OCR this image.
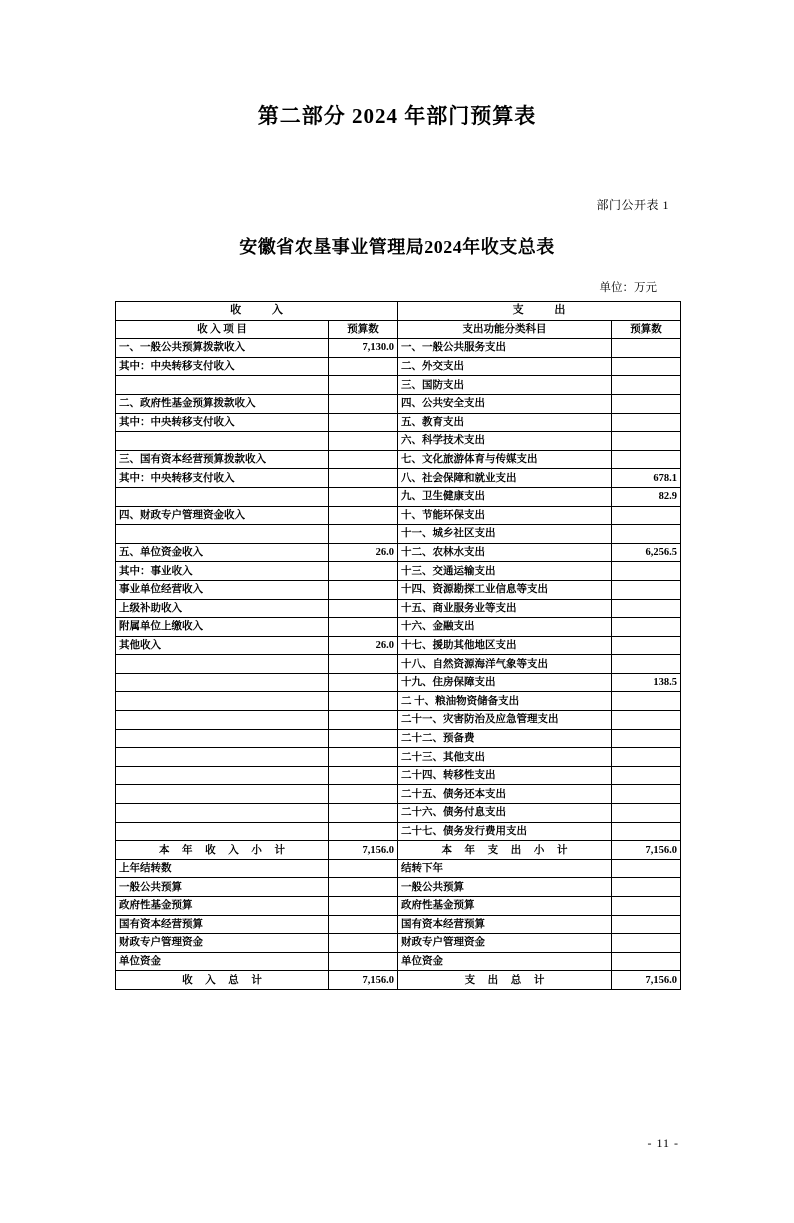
第二部分 2024 年部门预算表
部门公开表 1
安徽省农垦事业管理局2024年收支总表
单位：万元
收 入		支 出	
收 入 项 目	预算数	支出功能分类科目	预算数
一、一般公共预算拨款收入	7,130.0	一、一般公共服务支出	
其中：中央转移支付收入		二、外交支出	
		三、国防支出	
二、政府性基金预算拨款收入		四、公共安全支出	
其中：中央转移支付收入		五、教育支出	
		六、科学技术支出	
三、国有资本经营预算拨款收入		七、文化旅游体育与传媒支出	
其中：中央转移支付收入		八、社会保障和就业支出	678.1
		九、卫生健康支出	82.9
四、财政专户管理资金收入		十、节能环保支出	
		十一、城乡社区支出	
五、单位资金收入	26.0	十二、农林水支出	6,256.5
其中：事业收入		十三、交通运输支出	
事业单位经营收入		十四、资源勘探工业信息等支出	
上级补助收入		十五、商业服务业等支出	
附属单位上缴收入		十六、金融支出	
其他收入	26.0	十七、援助其他地区支出	
		十八、自然资源海洋气象等支出	
		十九、住房保障支出	138.5
		二 十、粮油物资储备支出	
		二十一、灾害防治及应急管理支出	
		二十二、预备费	
		二十三、其他支出	
		二十四、转移性支出	
		二十五、债务还本支出	
		二十六、债务付息支出	
		二十七、债务发行费用支出	
本 年 收 入 小 计	7,156.0	本 年 支 出 小 计	7,156.0
上年结转数		结转下年	
一般公共预算		一般公共预算	
政府性基金预算		政府性基金预算	
国有资本经营预算		国有资本经营预算	
财政专户管理资金		财政专户管理资金	
单位资金		单位资金	
收 入 总 计	7,156.0	支 出 总 计	7,156.0
- 11 -
